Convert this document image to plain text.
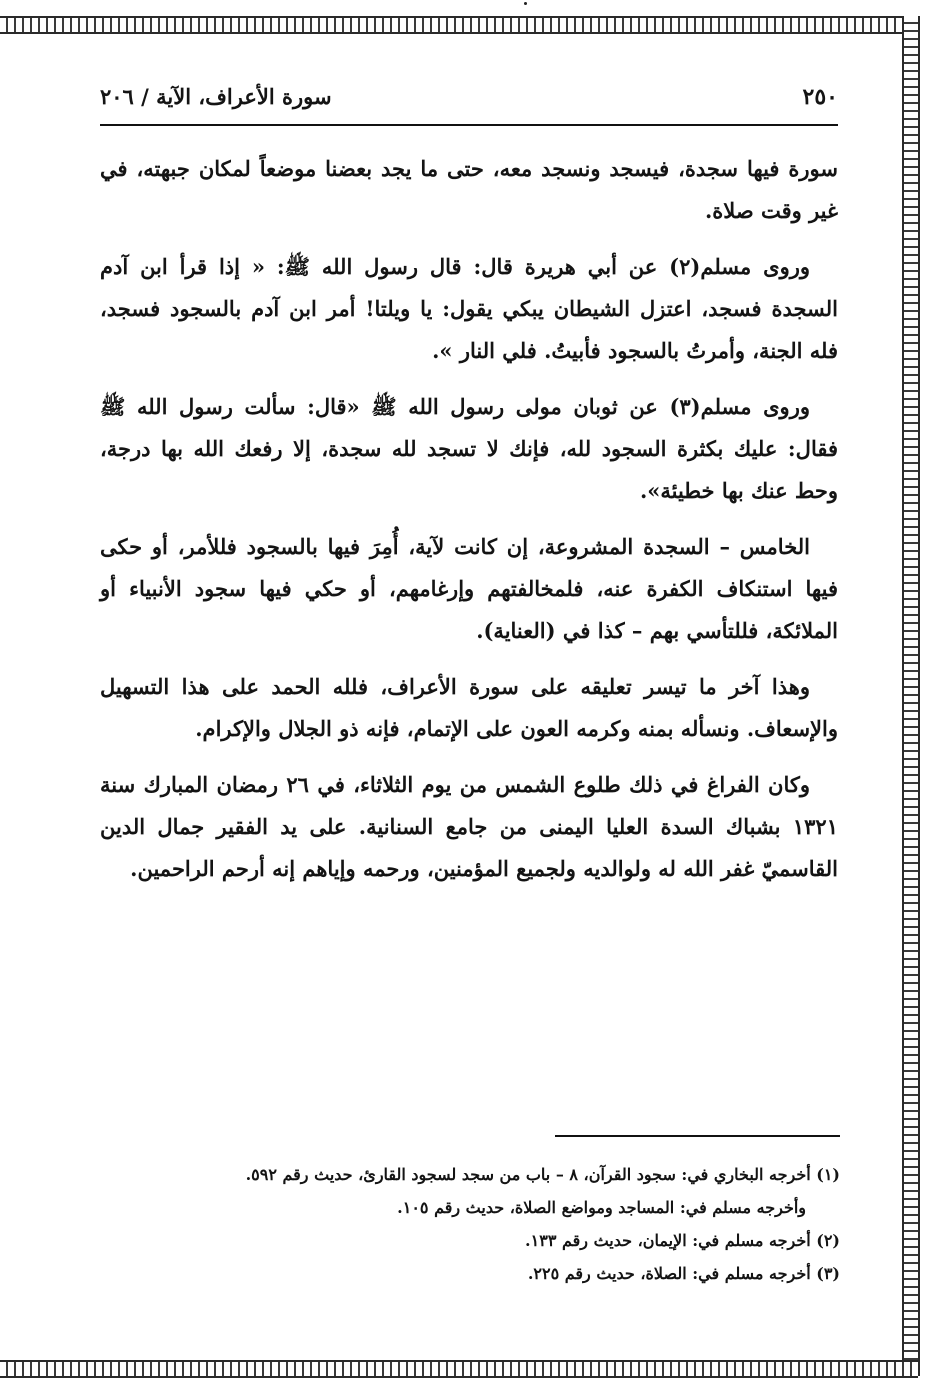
سورة الأعراف، الآية / ٢٠٦	٢٥٠

سورة فيها سجدة، فيسجد ونسجد معه، حتى ما يجد بعضنا موضعاً لمكان جبهته، في غير وقت صلاة.

وروى مسلم(٢) عن أبي هريرة قال: قال رسول الله ﷺ: « إذا قرأ ابن آدم السجدة فسجد، اعتزل الشيطان يبكي يقول: يا ويلتا! أمر ابن آدم بالسجود فسجد، فله الجنة، وأمرتُ بالسجود فأبيتُ. فلي النار ».

وروى مسلم(٣) عن ثوبان مولى رسول الله ﷺ «قال: سألت رسول الله ﷺ فقال: عليك بكثرة السجود لله، فإنك لا تسجد لله سجدة، إلا رفعك الله بها درجة، وحط عنك بها خطيئة».

الخامس – السجدة المشروعة، إن كانت لآية، أُمِرَ فيها بالسجود فللأمر، أو حكى فيها استنكاف الكفرة عنه، فلمخالفتهم وإرغامهم، أو حكي فيها سجود الأنبياء أو الملائكة، فللتأسي بهم – كذا في (العناية).

وهذا آخر ما تيسر تعليقه على سورة الأعراف، فلله الحمد على هذا التسهيل والإسعاف. ونسأله بمنه وكرمه العون على الإتمام، فإنه ذو الجلال والإكرام.

وكان الفراغ في ذلك طلوع الشمس من يوم الثلاثاء، في ٢٦ رمضان المبارك سنة ١٣٢١ بشباك السدة العليا اليمنى من جامع السنانية. على يد الفقير جمال الدين القاسميّ غفر الله له ولوالديه ولجميع المؤمنين، ورحمه وإياهم إنه أرحم الراحمين.

(١) أخرجه البخاري في: سجود القرآن، ٨ – باب من سجد لسجود القارئ، حديث رقم ٥٩٢.

وأخرجه مسلم في: المساجد ومواضع الصلاة، حديث رقم ١٠٥.

(٢) أخرجه مسلم في: الإيمان، حديث رقم ١٣٣.

(٣) أخرجه مسلم في: الصلاة، حديث رقم ٢٢٥.
